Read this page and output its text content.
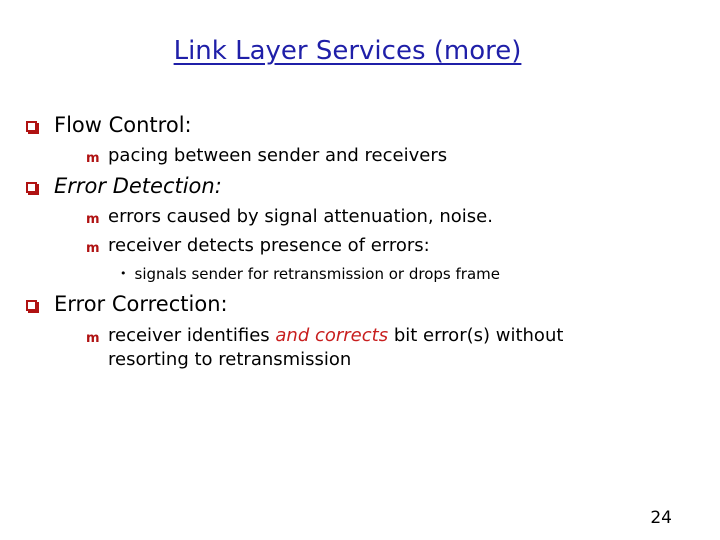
Link Layer Services (more)
Flow Control:
m pacing between sender and receivers
Error Detection:
m errors caused by signal attenuation, noise.
m receiver detects presence of errors:
• signals sender for retransmission or drops frame
Error Correction:
m receiver identifies and corrects bit error(s) without
resorting to retransmission
24
